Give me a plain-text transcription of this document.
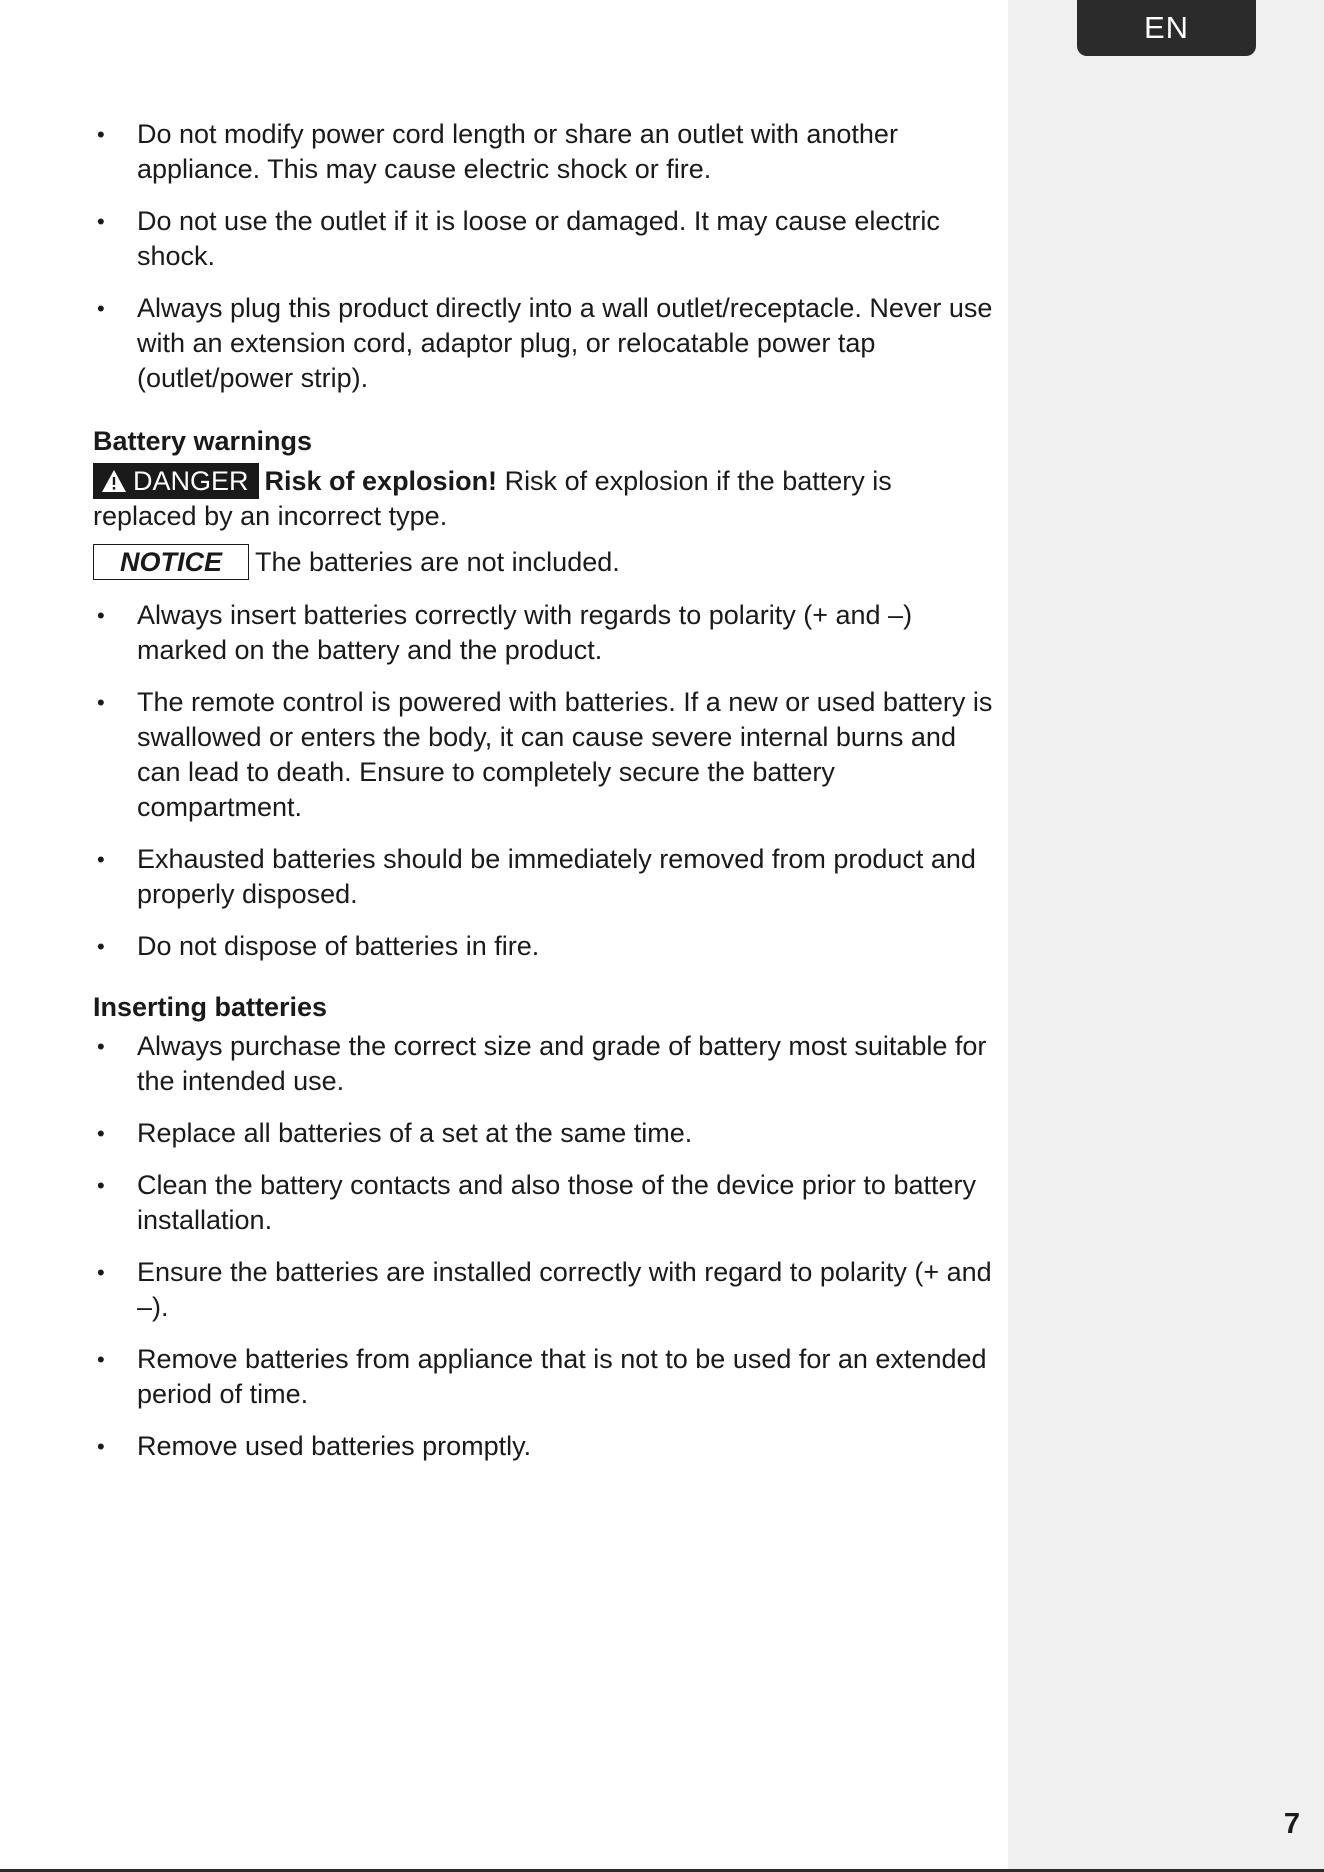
EN
• Do not modify power cord length or share an outlet with another appliance. This may cause electric shock or fire.
• Do not use the outlet if it is loose or damaged. It may cause electric shock.
• Always plug this product directly into a wall outlet/receptacle. Never use with an extension cord, adaptor plug, or relocatable power tap (outlet/power strip).
Battery warnings

DANGER Risk of explosion! Risk of explosion if the battery is replaced by an incorrect type.

NOTICE The batteries are not included.

• Always insert batteries correctly with regards to polarity (+ and –) marked on the battery and the product.
• The remote control is powered with batteries. If a new or used battery is swallowed or enters the body, it can cause severe internal burns and can lead to death. Ensure to completely secure the battery compartment.
• Exhausted batteries should be immediately removed from product and properly disposed.
• Do not dispose of batteries in fire.
Inserting batteries
• Always purchase the correct size and grade of battery most suitable for the intended use.
• Replace all batteries of a set at the same time.
• Clean the battery contacts and also those of the device prior to battery installation.
• Ensure the batteries are installed correctly with regard to polarity (+ and –).
• Remove batteries from appliance that is not to be used for an extended period of time.
• Remove used batteries promptly.
7
